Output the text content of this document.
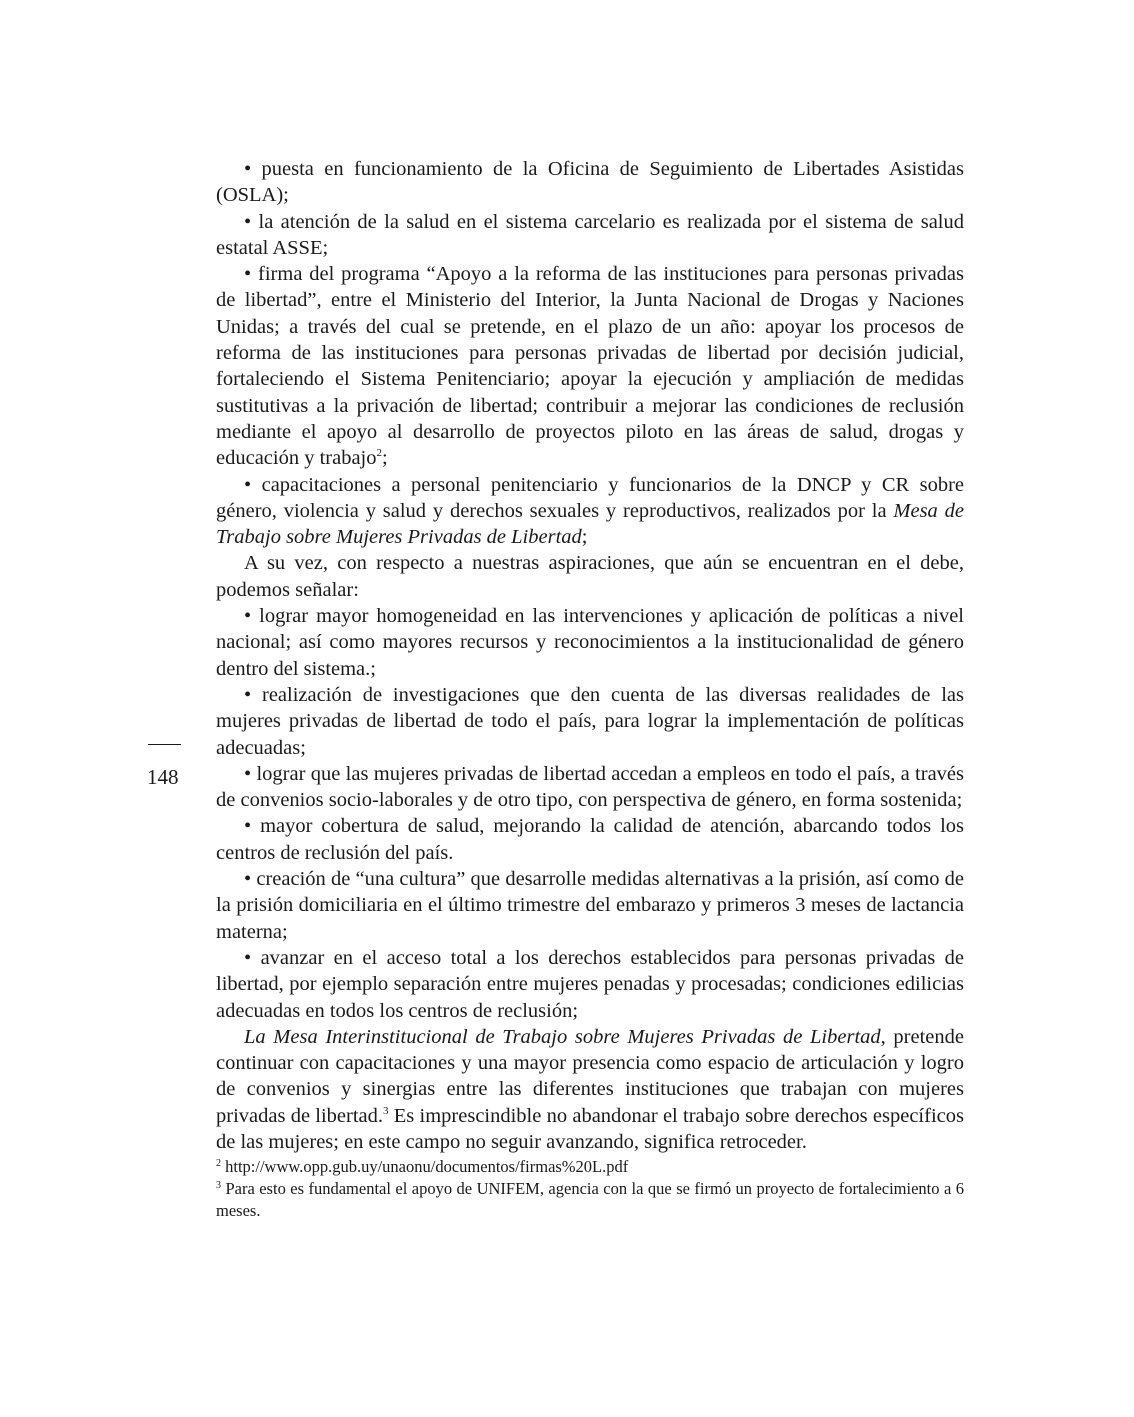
148

• puesta en funcionamiento de la Oficina de Seguimiento de Libertades Asistidas (OSLA);

• la atención de la salud en el sistema carcelario es realizada por el sistema de salud estatal ASSE;

• firma del programa “Apoyo a la reforma de las instituciones para personas privadas de libertad”, entre el Ministerio del Interior, la Junta Nacional de Drogas y Naciones Unidas; a través del cual se pretende, en el plazo de un año: apoyar los procesos de reforma de las instituciones para personas privadas de libertad por decisión judicial, fortaleciendo el Sistema Penitenciario; apoyar la ejecución y ampliación de medidas sustitutivas a la privación de libertad; contribuir a mejorar las condiciones de reclusión mediante el apoyo al desarrollo de proyectos piloto en las áreas de salud, drogas y educación y trabajo$^2$;

• capacitaciones a personal penitenciario y funcionarios de la DNCP y CR sobre género, violencia y salud y derechos sexuales y reproductivos, realizados por la Mesa de Trabajo sobre Mujeres Privadas de Libertad;

A su vez, con respecto a nuestras aspiraciones, que aún se encuentran en el debe, podemos señalar:

• lograr mayor homogeneidad en las intervenciones y aplicación de políticas a nivel nacional; así como mayores recursos y reconocimientos a la institucionalidad de género dentro del sistema.;

• realización de investigaciones que den cuenta de las diversas realidades de las mujeres privadas de libertad de todo el país, para lograr la implementación de políticas adecuadas;

• lograr que las mujeres privadas de libertad accedan a empleos en todo el país, a través de convenios socio-laborales y de otro tipo, con perspectiva de género, en forma sostenida;

• mayor cobertura de salud, mejorando la calidad de atención, abarcando todos los centros de reclusión del país.

• creación de “una cultura” que desarrolle medidas alternativas a la prisión, así como de la prisión domiciliaria en el último trimestre del embarazo y primeros 3 meses de lactancia materna;

• avanzar en el acceso total a los derechos establecidos para personas privadas de libertad, por ejemplo separación entre mujeres penadas y procesadas; condiciones edilicias adecuadas en todos los centros de reclusión;

La Mesa Interinstitucional de Trabajo sobre Mujeres Privadas de Libertad, pretende continuar con capacitaciones y una mayor presencia como espacio de articulación y logro de convenios y sinergias entre las diferentes instituciones que trabajan con mujeres privadas de libertad.$^3$ Es imprescindible no abandonar el trabajo sobre derechos específicos de las mujeres; en este campo no seguir avanzando, significa retroceder.

$^2$ http://www.opp.gub.uy/unaonu/documentos/firmas%20L.pdf

$^3$ Para esto es fundamental el apoyo de UNIFEM, agencia con la que se firmó un proyecto de fortalecimiento a 6 meses.
